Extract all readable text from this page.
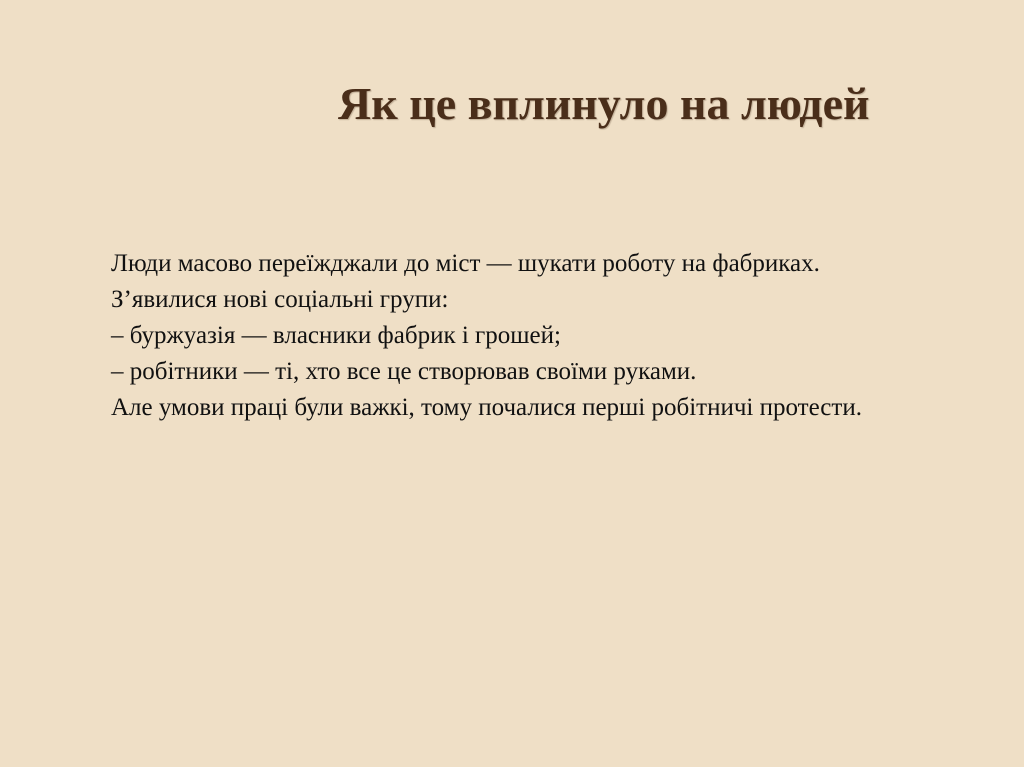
Як це вплинуло на людей
Люди масово переїжджали до міст — шукати роботу на фабриках.
З’явилися нові соціальні групи:
– буржуазія — власники фабрик і грошей;
– робітники — ті, хто все це створював своїми руками.
Але умови праці були важкі, тому почалися перші робітничі протести.
